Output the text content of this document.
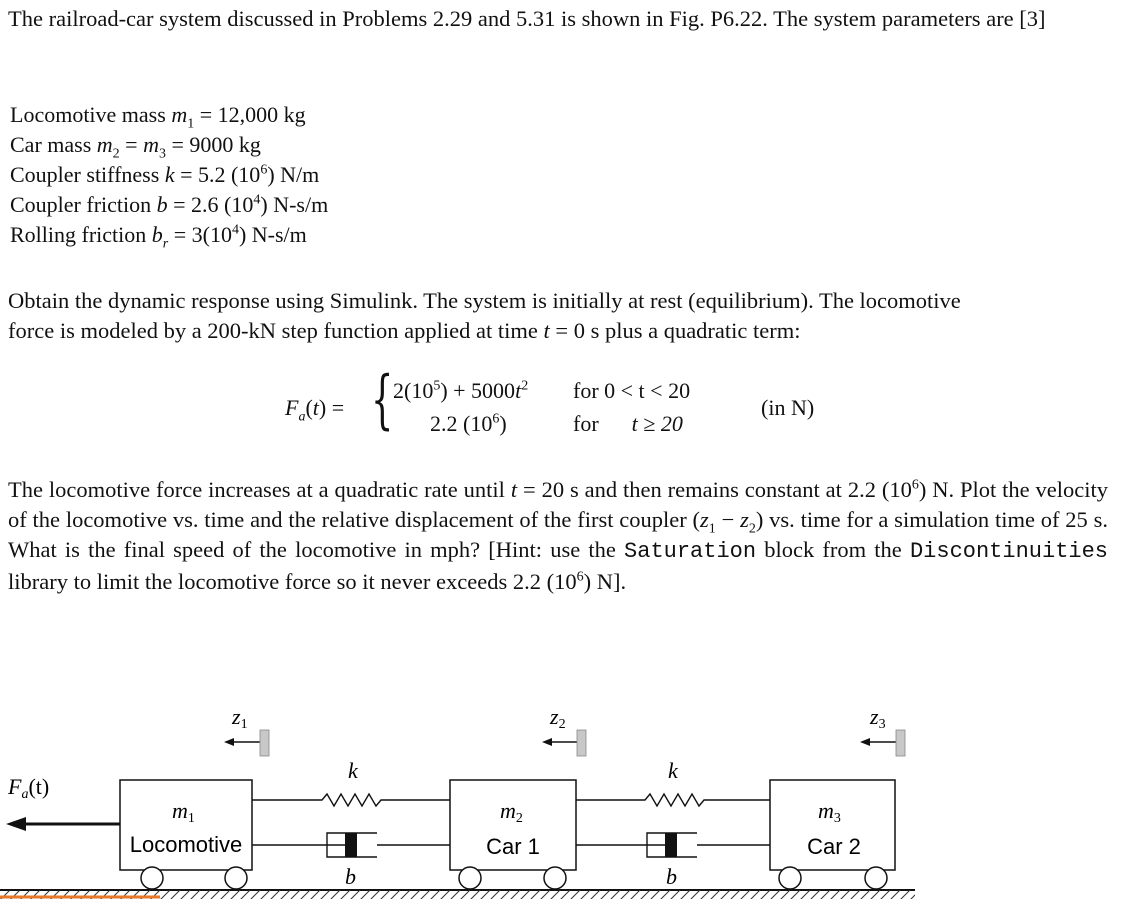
The railroad-car system discussed in Problems 2.29 and 5.31 is shown in Fig. P6.22. The system parameters are [3]
Locomotive mass $m_1 = 12,000$ kg
Car mass $m_2 = m_3 = 9000$ kg
Coupler stiffness k = 5.2 $(10^6)$ N/m
Coupler friction b = 2.6 $(10^4)$ N-s/m
Rolling friction $b_r = 3(10^4)$ N-s/m
Obtain the dynamic response using Simulink. The system is initially at rest (equilibrium). The locomotive
force is modeled by a 200-kN step function applied at time t = 0 s plus a quadratic term:
$F_a(t)$ = { $2(10^5) + 5000t^2$ for 0 < t < 20
2.2 $(10^6)$	for t ≥ 20
(in N)
The locomotive force increases at a quadratic rate until t = 20 s and then remains constant at 2.2 $(10^6)$ N. Plot the velocity of the locomotive vs. time and the relative displacement of the first coupler $(z_1 - z_2)$ vs. time for a simulation time of 25 s. What is the final speed of the locomotive in mph? [Hint: use the Saturation block from the Discontinuities library to limit the locomotive force so it never exceeds 2.2 $(10^6)$ N].
Fa(t)
m1
Locomotive
m2
Car 1
m3
Car 2
k
b
k
b
z1	z2	z3
